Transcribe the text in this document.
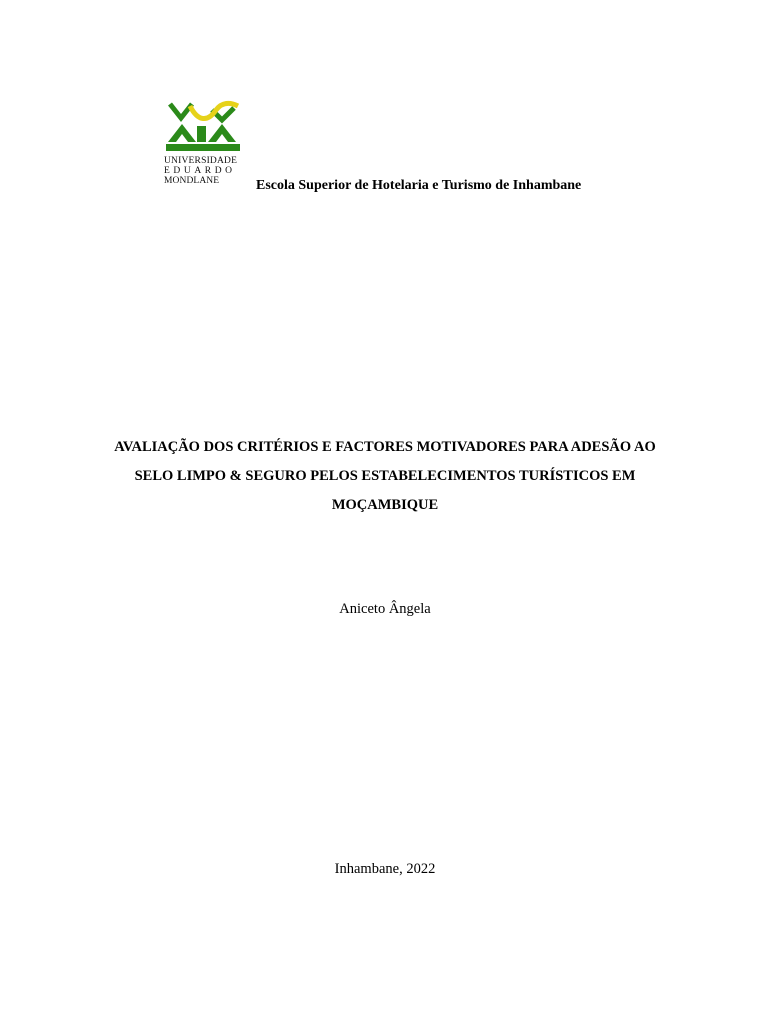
UNIVERSIDADE
EDUARDO
MONDLANE	Escola Superior de Hotelaria e Turismo de Inhambane
AVALIAÇÃO DOS CRITÉRIOS E FACTORES MOTIVADORES PARA ADESÃO AO
SELO LIMPO & SEGURO PELOS ESTABELECIMENTOS TURÍSTICOS EM
MOÇAMBIQUE
Aniceto Ângela
Inhambane, 2022
